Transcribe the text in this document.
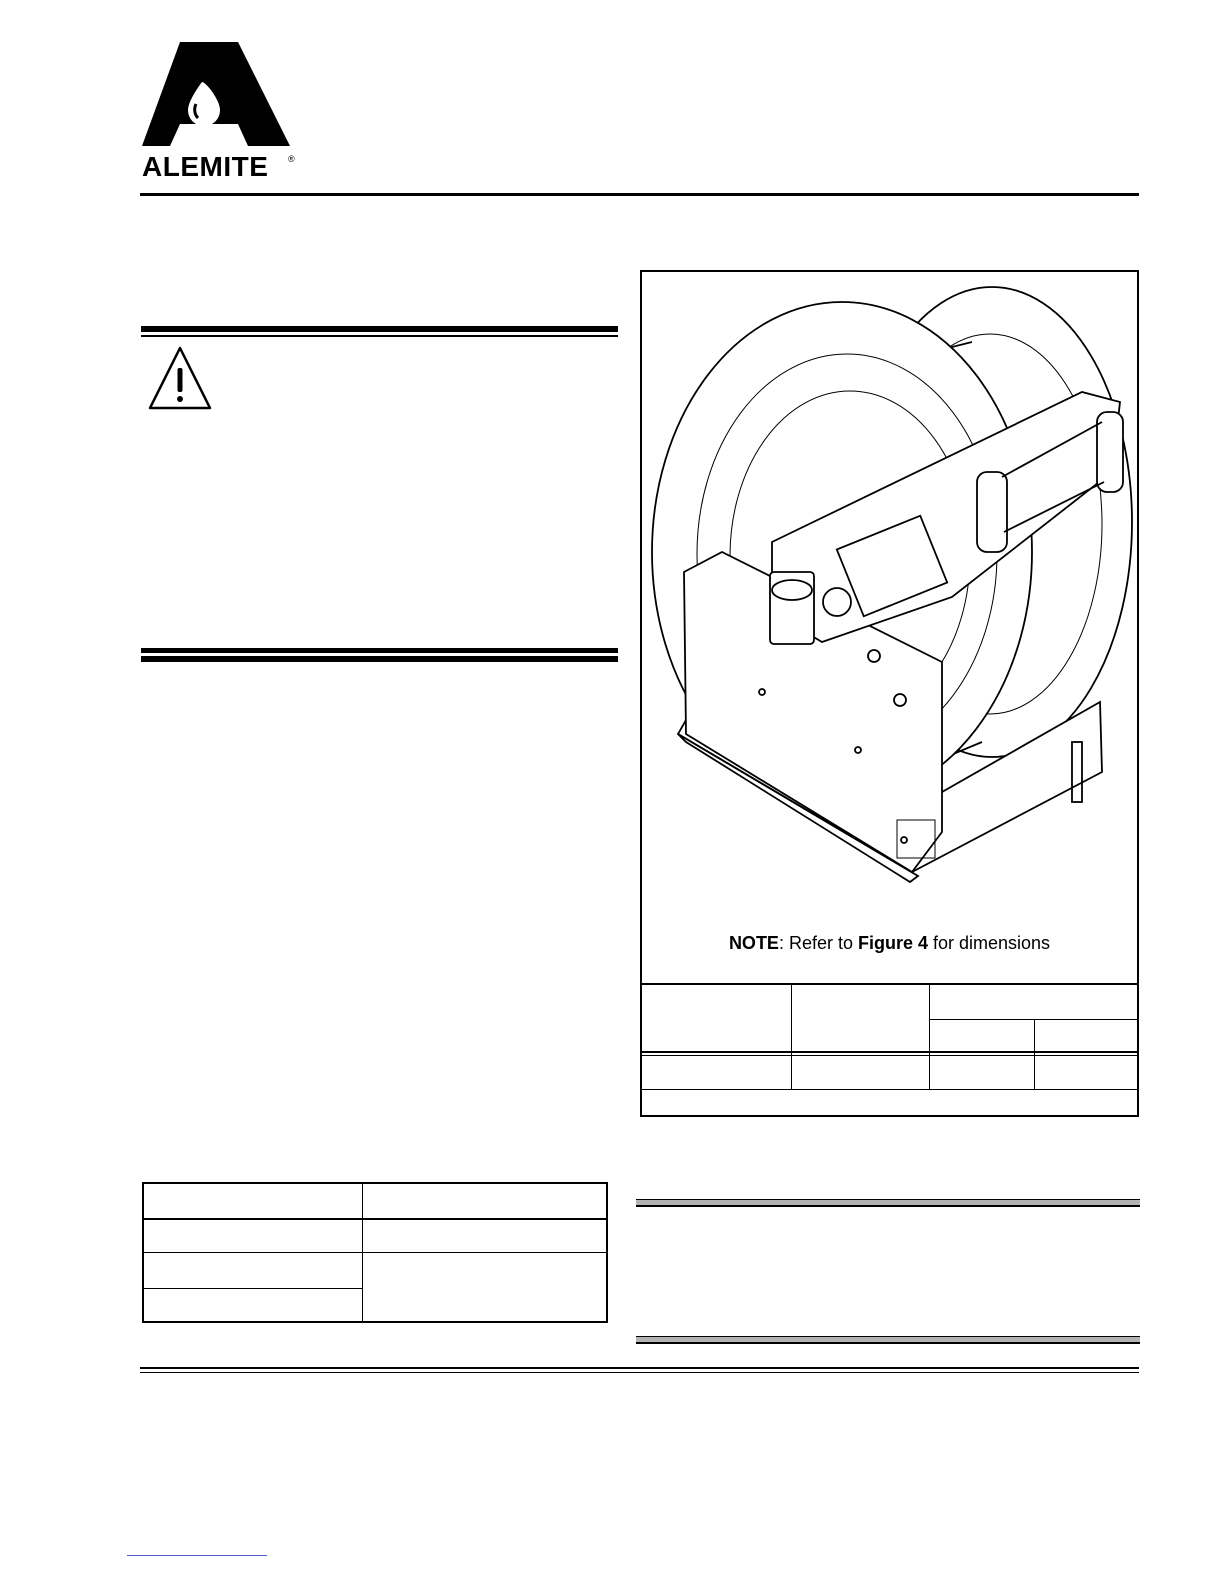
ALEMITE ®
NOTE: Refer to Figure 4 for dimensions
